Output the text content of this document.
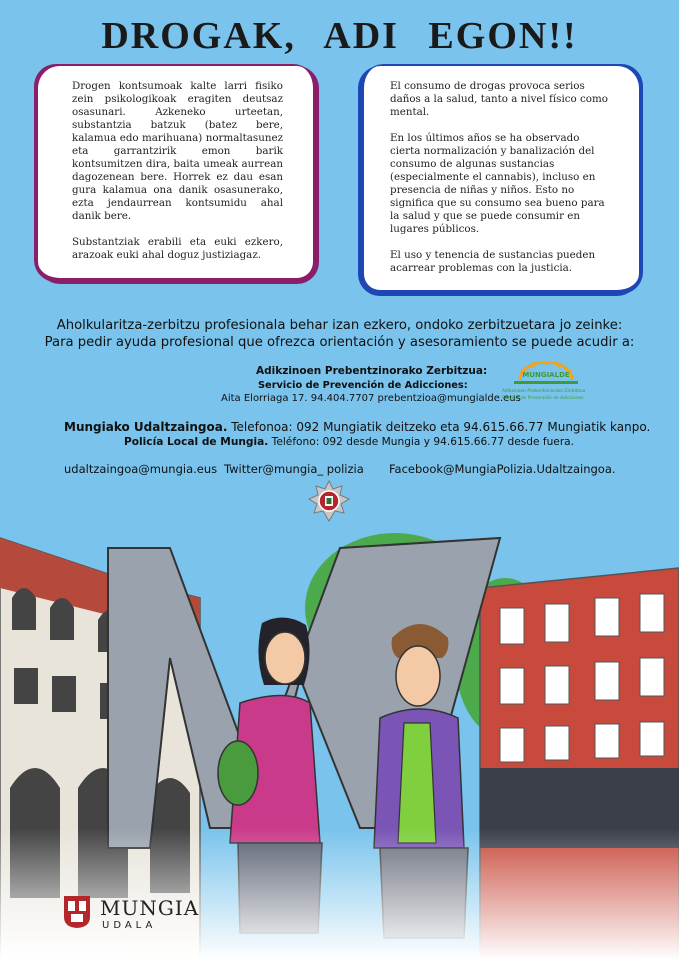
DROGAK, ADI EGON!!

Drogen kontsumoak kalte larri fisiko zein psikologikoak eragiten deutsaz osasunari. Azkeneko urteetan, substantzia batzuk (batez bere, kalamua edo marihuana) normaltasunez eta garrantzirik emon barik kontsumitzen dira, baita umeak aurrean dagozenean bere. Horrek ez dau esan gura kalamua ona danik osasunerako, ezta jendaurrean kontsumidu ahal danik bere.

Substantziak erabili eta euki ezkero, arazoak euki ahal doguz justiziagaz.

El consumo de drogas provoca serios daños a la salud, tanto a nivel físico como mental.

En los últimos años se ha observado cierta normalización y banalización del consumo de algunas sustancias (especialmente el cannabis), incluso en presencia de niñas y niños. Esto no significa que su consumo sea bueno para la salud y que se puede consumir en lugares públicos.

El uso y tenencia de sustancias pueden acarrear problemas con la justicia.

Aholkularitza-zerbitzu profesionala behar izan ezkero, ondoko zerbitzuetara jo zeinke:
Para pedir ayuda profesional que ofrezca orientación y asesoramiento se puede acudir a:
Adikzinoen Prebentzinorako Zerbitzua:
Servicio de Prevención de Adicciones:
Aita Elorriaga 17. 94.404.7707 prebentzioa@mungialde.eus
MUNGIALDE
Adikzinoen Prebentzinorako Zerbitzua
Servicio de Prevención de Adicciones
Mungiako Udaltzaingoa. Telefonoa: 092 Mungiatik deitzeko eta 94.615.66.77 Mungiatik kanpo.
Policía Local de Mungia. Teléfono: 092 desde Mungia y 94.615.66.77 desde fuera.
udaltzaingoa@mungia.eus Twitter@mungia_ polizia Facebook@MungiaPolizia.Udaltzaingoa.
MUNGIA
UDALA
